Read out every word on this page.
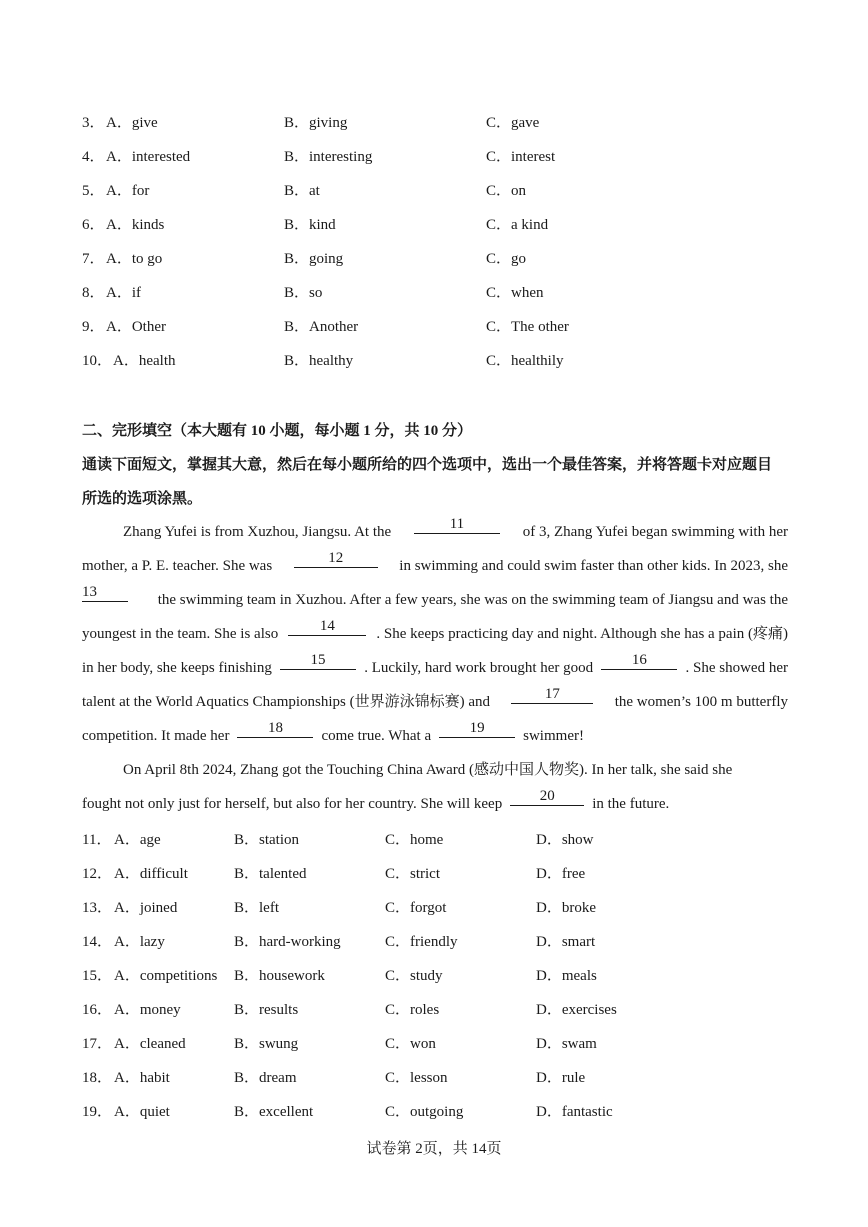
3． A．give	B．giving	C．gave
4． A．interested	B．interesting	C．interest
5． A．for	B．at	C．on
6． A．kinds	B．kind	C．a kind
7． A．to go	B．going	C．go
8． A．if	B．so	C．when
9． A．Other	B．Another	C．The other
10． A．health	B．healthy	C．healthily
二、完形填空（本大题有 10 小题，每小题 1 分，共 10 分）
通读下面短文，掌握其大意，然后在每小题所给的四个选项中，选出一个最佳答案，并将答题卡对应题目
所选的选项涂黑。
Zhang Yufei is from Xuzhou, Jiangsu. At the	11	of 3, Zhang Yufei began swimming with her
mother, a P. E. teacher. She was	12	in swimming and could swim faster than other kids. In 2023, she
13	the swimming team in Xuzhou. After a few years, she was on the swimming team of Jiangsu and was the
youngest in the team. She is also	14	. She keeps practicing day and night. Although she has a pain (疼痛)
in her body, she keeps finishing	15	. Luckily, hard work brought her good	16	. She showed her
talent at the World Aquatics Championships (世界游泳锦标赛) and	17	the women’s 100 m butterfly
competition. It made her	18	come true. What a	19	swimmer!
On April 8th 2024, Zhang got the Touching China Award (感动中国人物奖). In her talk, she said she
fought not only just for herself, but also for her country. She will keep	20	in the future.
11． A．age	B．station	C．home	D．show
12． A．difficult	B．talented	C．strict	D．free
13． A．joined	B．left	C．forgot	D．broke
14． A．lazy	B．hard-working	C．friendly	D．smart
15． A．competitions B．housework	C．study	D．meals
16． A．money	B．results	C．roles	D．exercises
17． A．cleaned	B．swung	C．won	D．swam
18． A．habit	B．dream	C．lesson	D．rule
19． A．quiet	B．excellent	C．outgoing	D．fantastic
试卷第 2页，共 14页
